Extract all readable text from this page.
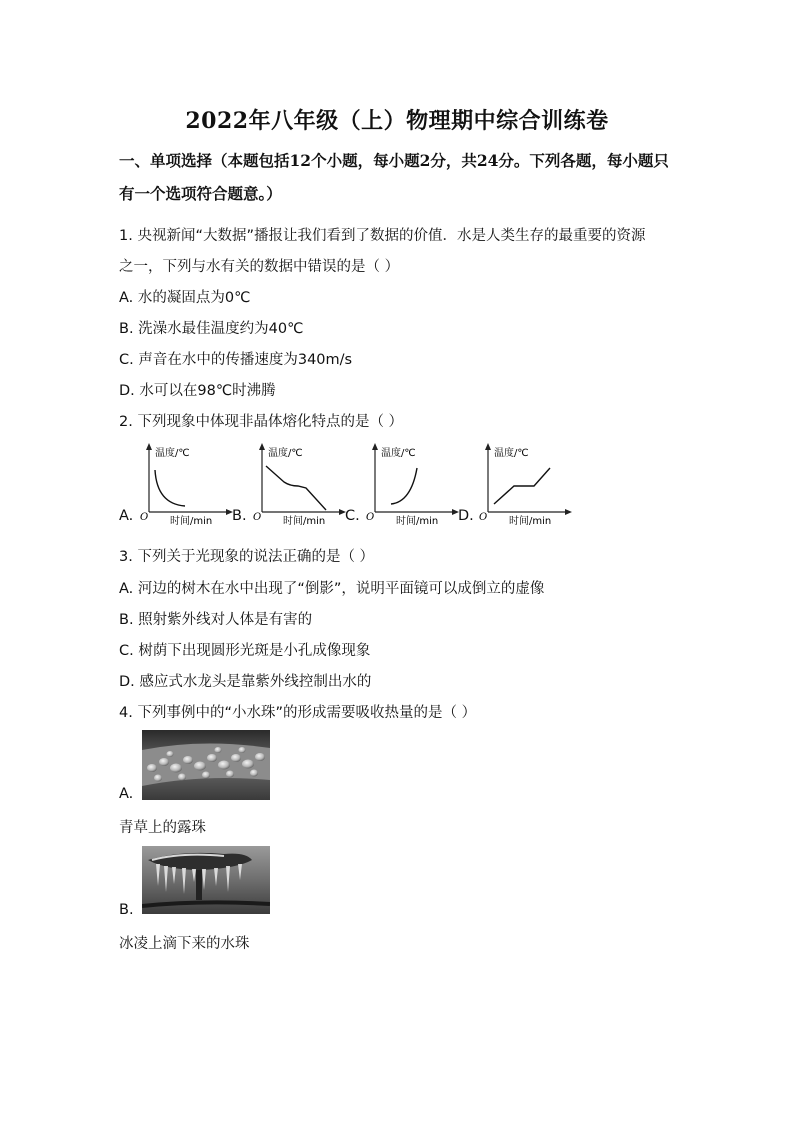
2022年八年级（上）物理期中综合训练卷
一、单项选择（本题包括12个小题，每小题2分，共24分。下列各题，每小题只有一个选项符合题意。）
1. 央视新闻“大数据”播报让我们看到了数据的价值．水是人类生存的最重要的资源
之一，下列与水有关的数据中错误的是（ ）
A. 水的凝固点为0℃
B. 洗澡水最佳温度约为40℃
C. 声音在水中的传播速度为340m/s
D. 水可以在98℃时沸腾
2. 下列现象中体现非晶体熔化特点的是（ ）
A.
温度/℃
O 时间/min B.
温度/℃
O 时间/min C.
温度/℃
O 时间/min D.
温度/℃
O 时间/min
3. 下列关于光现象的说法正确的是（ ）
A. 河边的树木在水中出现了“倒影”，说明平面镜可以成倒立的虚像
B. 照射紫外线对人体是有害的
C. 树荫下出现圆形光斑是小孔成像现象
D. 感应式水龙头是靠紫外线控制出水的
4. 下列事例中的“小水珠”的形成需要吸收热量的是（ ）
A.
青草上的露珠
B.
冰凌上滴下来的水珠
